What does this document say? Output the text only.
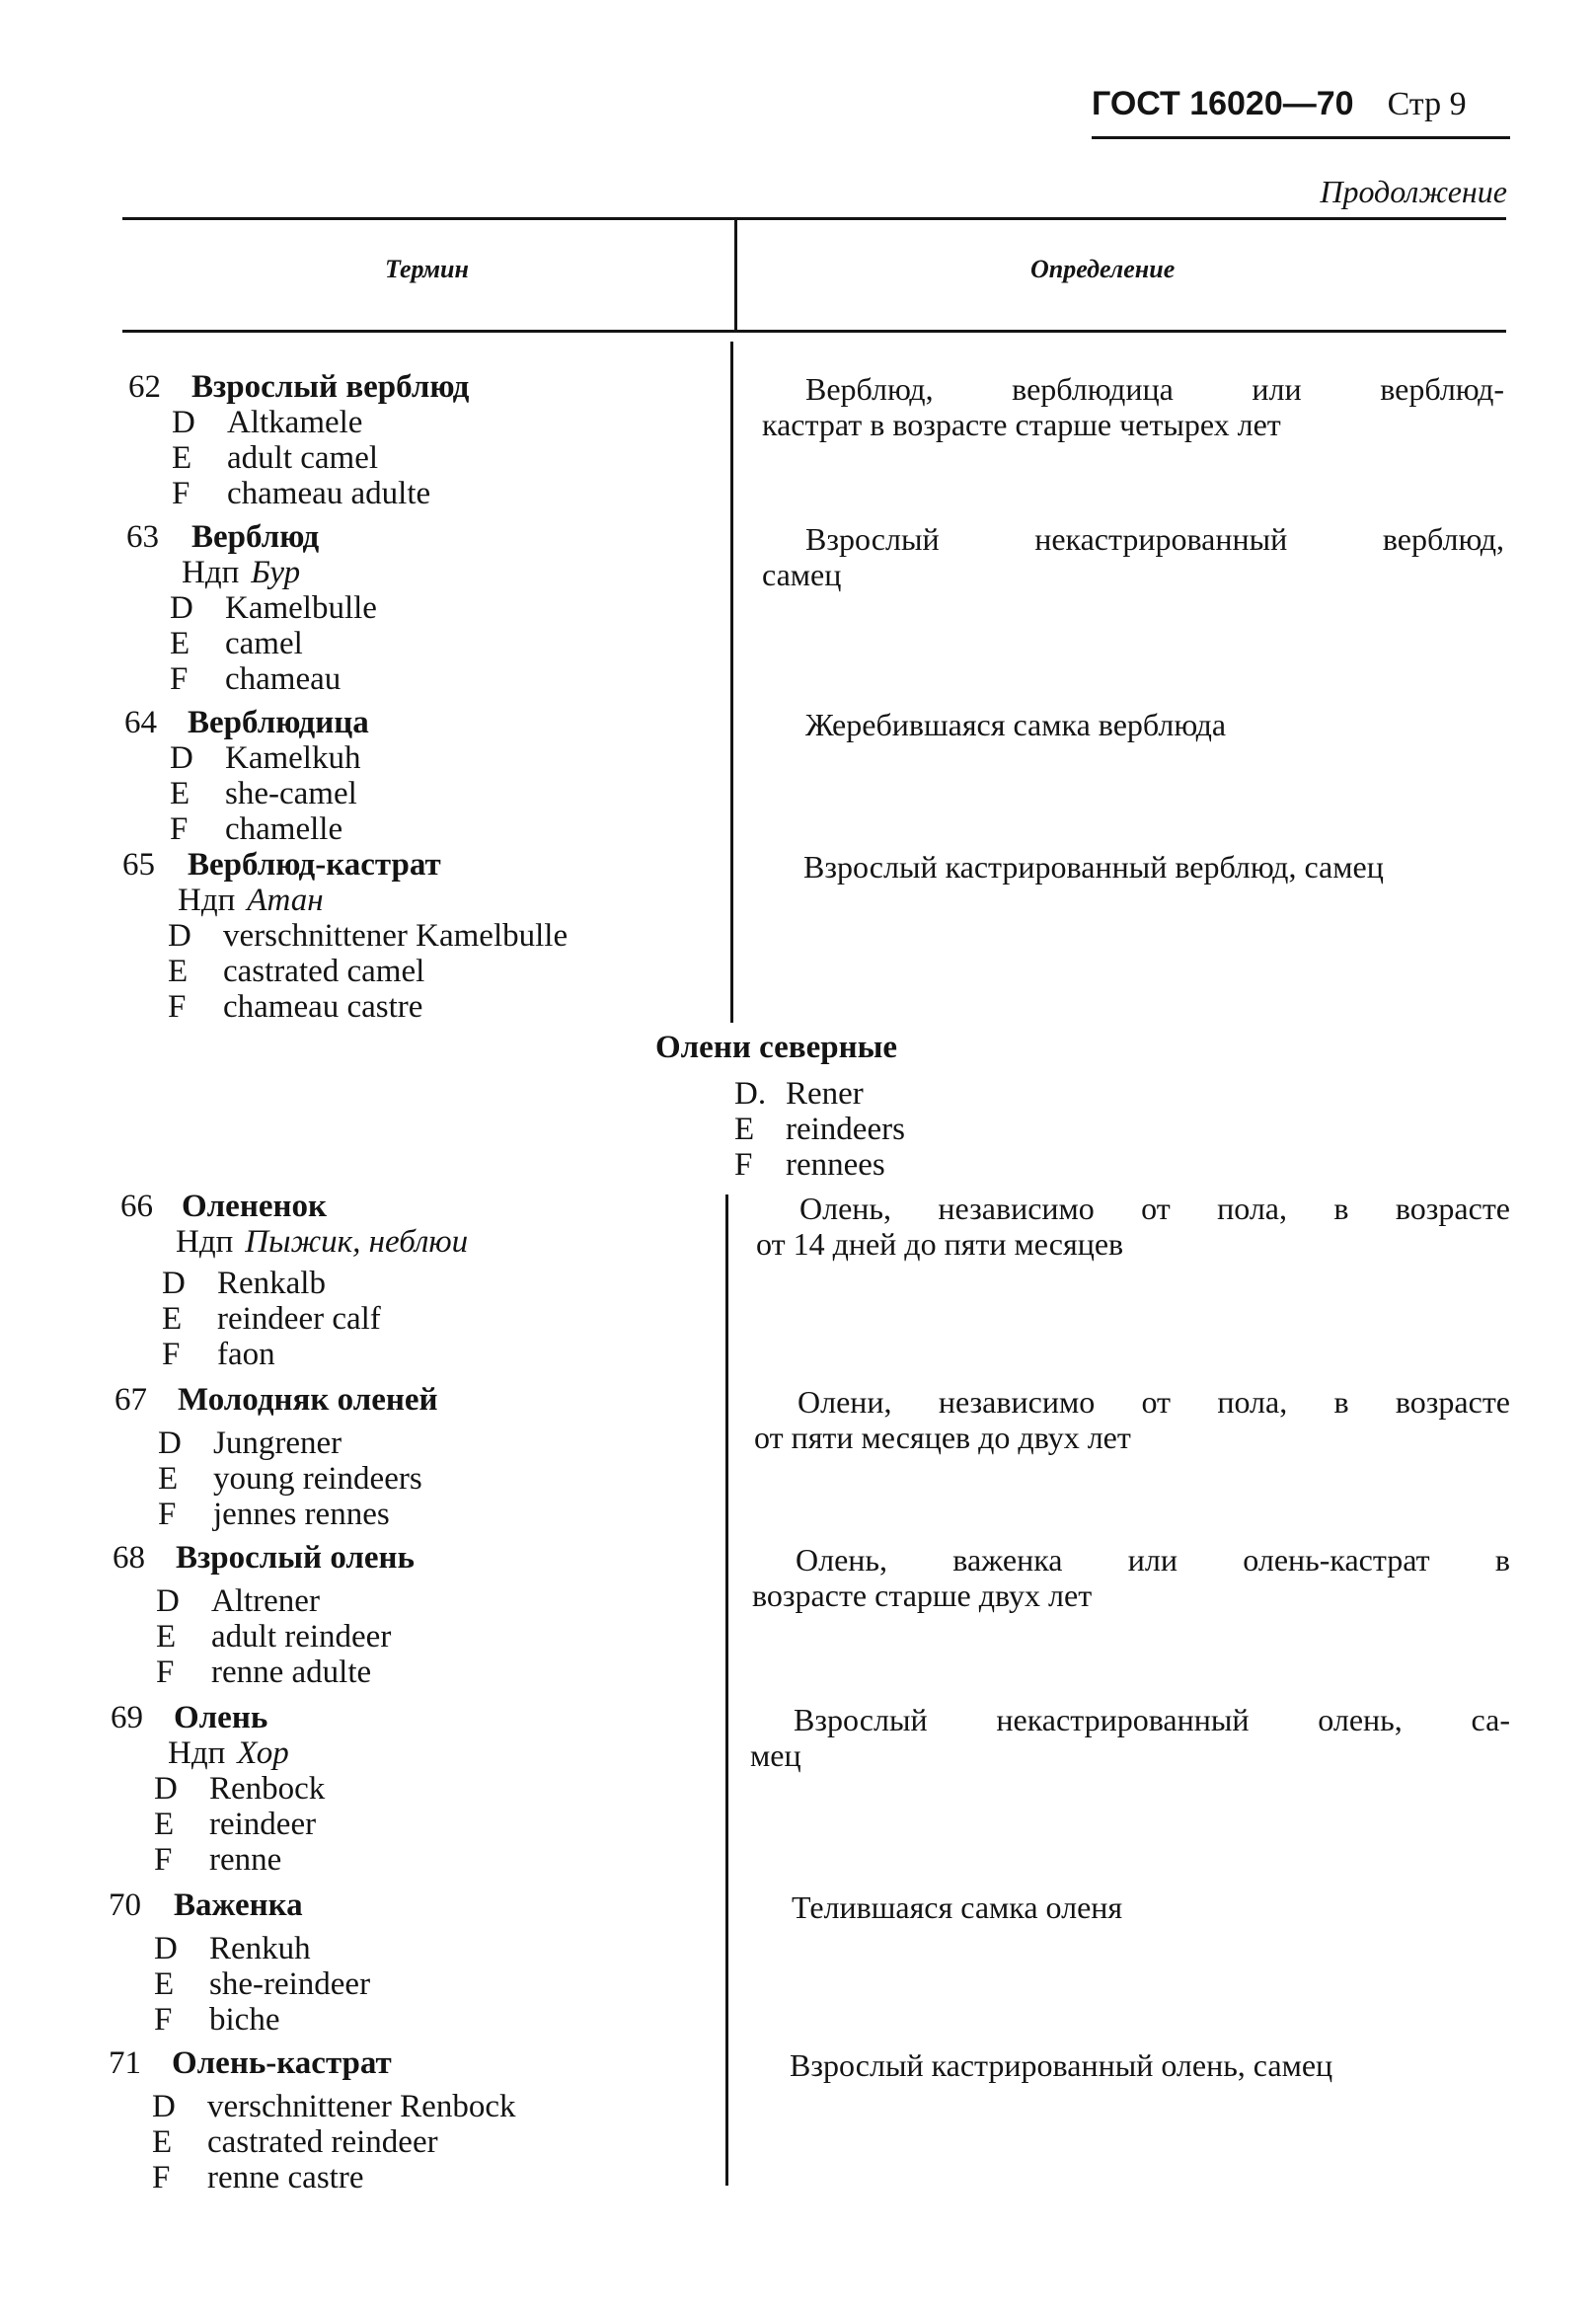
ГОСТ 16020—70 Стр 9
Продолжение
Термин	Определение
62 Взрослый верблюд
D Altkamele
E adult camel
F chameau adulte
Верблюд, верблюдица или верблюд-
кастрат в возрасте старше четырех лет
63 Верблюд
Ндп Бур
D Kamelbulle
E camel
F chameau
Взрослый некастрированный верблюд,
самец
64 Верблюдица
D Kamelkuh
E she-camel
F chamelle
Жеребившаяся самка верблюда
65 Верблюд-кастрат
Ндп Атан
D verschnittener Kamelbulle
E castrated camel
F chameau castre
Взрослый кастрированный верблюд, самец
Олени северные
D. Rener
E reindeers
F rennees
66 Олененок
Ндп Пыжик, неблюи
D Renkalb
E reindeer calf
F faon
Олень, независимо от пола, в возрасте
от 14 дней до пяти месяцев
67 Молодняк оленей
D Jungrener
E young reindeers
F jennes rennes
Олени, независимо от пола, в возрасте
от пяти месяцев до двух лет
68 Взрослый олень
D Altrener
E adult reindeer
F renne adulte
Олень, важенка или олень-кастрат в
возрасте старше двух лет
69 Олень
Ндп Хор
D Renbock
E reindeer
F renne
Взрослый некастрированный олень, са-
мец
70 Важенка
D Renkuh
E she-reindeer
F biche
Телившаяся самка оленя
71 Олень-кастрат
D verschnittener Renbock
E castrated reindeer
F renne castre
Взрослый кастрированный олень, самец
